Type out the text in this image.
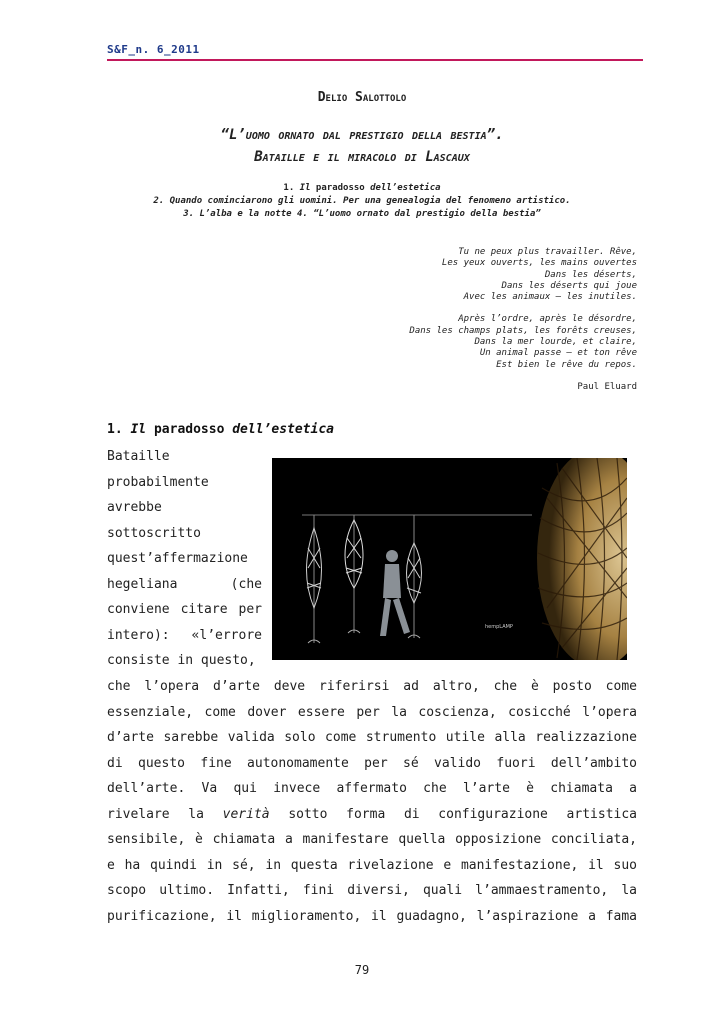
S&F_n. 6_2011
Delio Salottolo
“L’uomo ornato dal prestigio della bestia”.
Bataille e il miracolo di Lascaux
1. Il paradosso dell’estetica
2. Quando cominciarono gli uomini. Per una genealogia del fenomeno artistico.
3. L’alba e la notte 4. “L’uomo ornato dal prestigio della bestia”
Tu ne peux plus travailler. Rêve,
Les yeux ouverts, les mains ouvertes
Dans les déserts,
Dans les déserts qui joue
Avec les animaux – les inutiles.
Après l’ordre, après le désordre,
Dans les champs plats, les forêts creuses,
Dans la mer lourde, et claire,
Un animal passe – et ton rêve
Est bien le rêve du repos.
Paul Eluard
1. Il paradosso dell’estetica
Bataille
probabilmente
avrebbe
sottoscritto
quest’affermazione
hegeliana      (che
conviene citare per
intero):  «l’errore
consiste in questo,
hempLAMP
che l’opera d’arte deve riferirsi ad altro, che è posto come
essenziale, come dover essere per la coscienza, cosicché l’opera
d’arte sarebbe valida solo come strumento utile alla realizzazione
di questo fine autonomamente per sé valido fuori dell’ambito
dell’arte. Va qui invece affermato che l’arte è chiamata a
rivelare la verità sotto forma di configurazione artistica
sensibile, è chiamata a manifestare quella opposizione conciliata,
e ha quindi in sé, in questa rivelazione e manifestazione, il suo
scopo ultimo. Infatti, fini diversi, quali l’ammaestramento, la
purificazione, il miglioramento, il guadagno, l’aspirazione a fama
79
